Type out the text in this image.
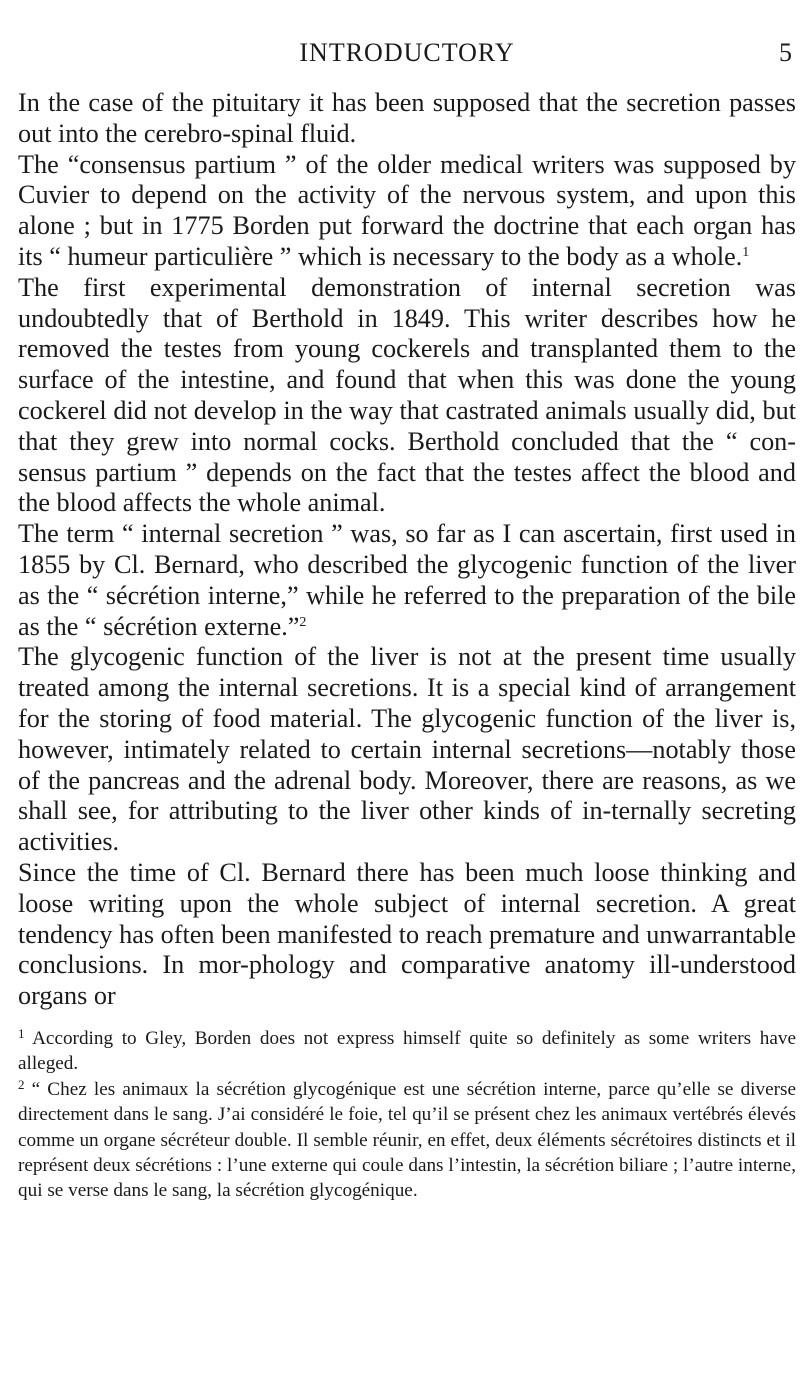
INTRODUCTORY	5

In the case of the pituitary it has been supposed that the secretion passes out into the cerebro-spinal fluid.

The “consensus partium ” of the older medical writers was supposed by Cuvier to depend on the activity of the nervous system, and upon this alone ; but in 1775 Borden put forward the doctrine that each organ has its “ humeur particulière ” which is necessary to the body as a whole.$^1$

The first experimental demonstration of internal secretion was undoubtedly that of Berthold in 1849. This writer describes how he removed the testes from young cockerels and transplanted them to the surface of the intestine, and found that when this was done the young cockerel did not develop in the way that castrated animals usually did, but that they grew into normal cocks. Berthold concluded that the “ con-sensus partium ” depends on the fact that the testes affect the blood and the blood affects the whole animal.

The term “ internal secretion ” was, so far as I can ascertain, first used in 1855 by Cl. Bernard, who described the glycogenic function of the liver as the “ sécrétion interne,” while he referred to the preparation of the bile as the “ sécrétion externe.”$^2$

The glycogenic function of the liver is not at the present time usually treated among the internal secretions. It is a special kind of arrangement for the storing of food material. The glycogenic function of the liver is, however, intimately related to certain internal secretions—notably those of the pancreas and the adrenal body. Moreover, there are reasons, as we shall see, for attributing to the liver other kinds of in-ternally secreting activities.

Since the time of Cl. Bernard there has been much loose thinking and loose writing upon the whole subject of internal secretion. A great tendency has often been manifested to reach premature and unwarrantable conclusions. In mor-phology and comparative anatomy ill-understood organs or

$^1$ According to Gley, Borden does not express himself quite so definitely as some writers have alleged.

$^2$ “ Chez les animaux la sécrétion glycogénique est une sécrétion interne, parce qu’elle se diverse directement dans le sang. J’ai considéré le foie, tel qu’il se présent chez les animaux vertébrés élevés comme un organe sécréteur double. Il semble réunir, en effet, deux éléments sécrétoires distincts et il représent deux sécrétions : l’une externe qui coule dans l’intestin, la sécrétion biliare ; l’autre interne, qui se verse dans le sang, la sécrétion glycogénique.
